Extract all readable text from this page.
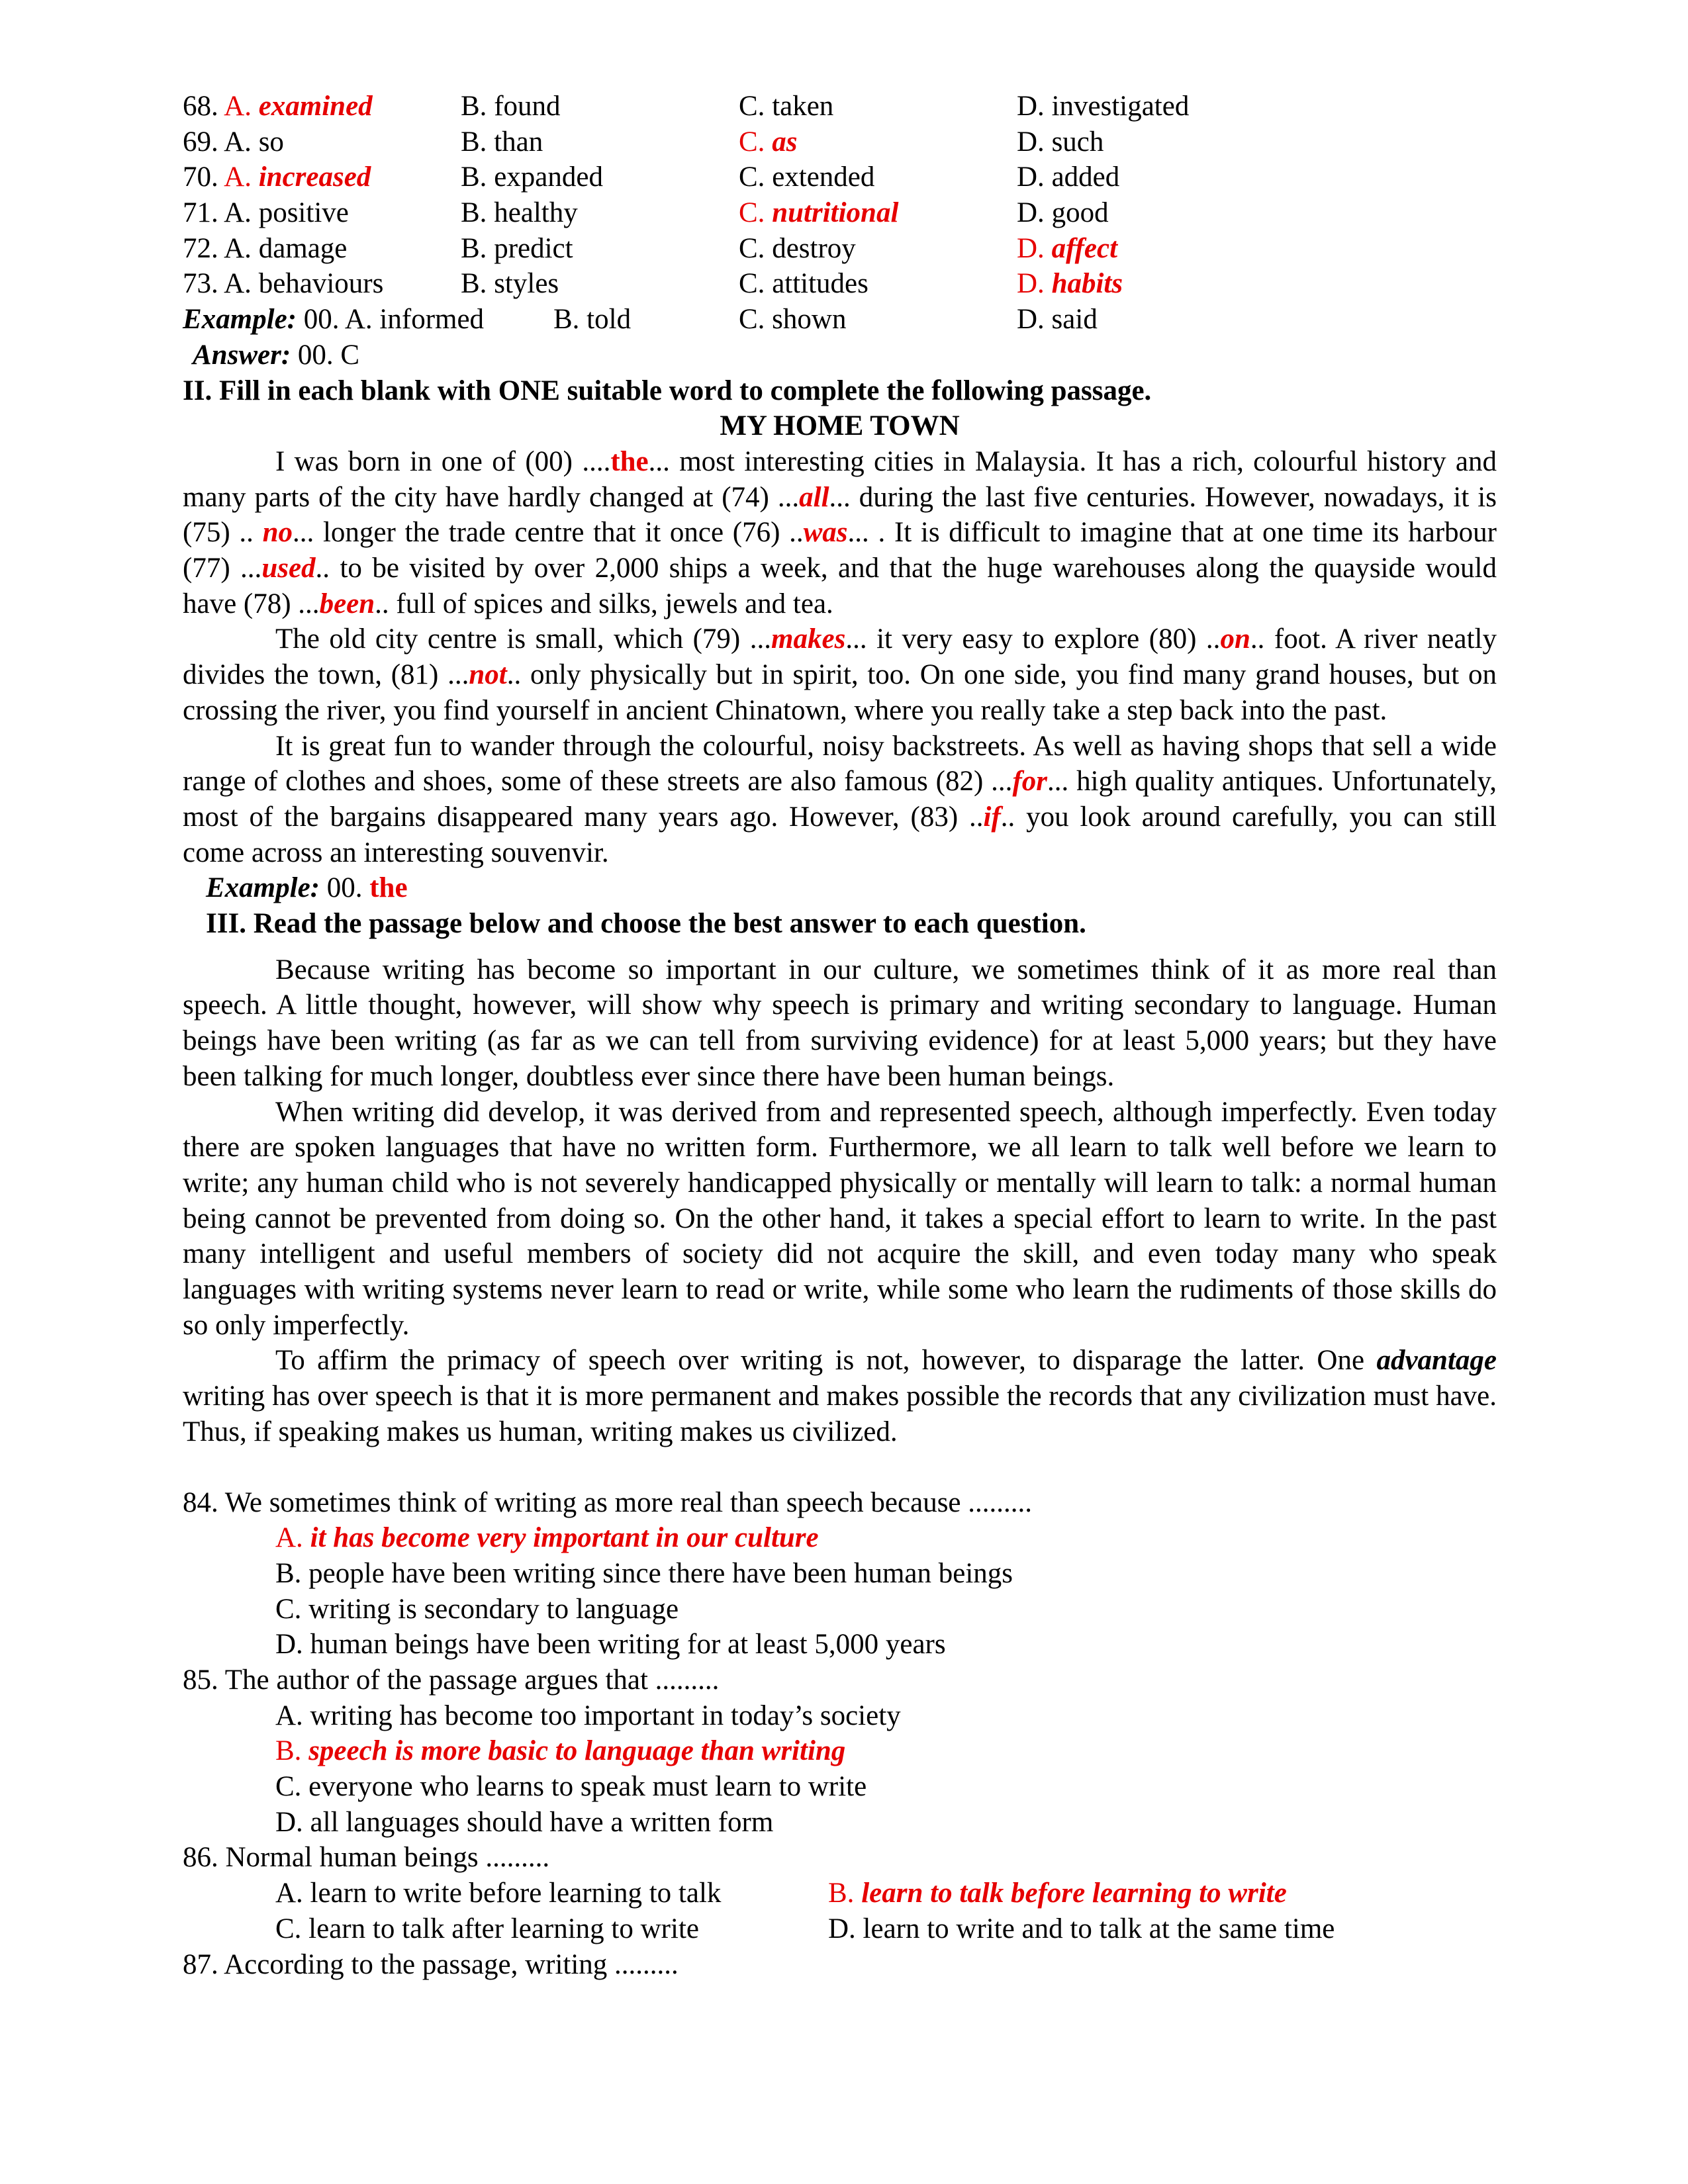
68. A. examined	B. found	C. taken	D. investigated
69. A. so	B. than	C. as	D. such
70. A. increased	B. expanded	C. extended	D. added
71. A. positive	B. healthy	C. nutritional	D. good
72. A. damage	B. predict	C. destroy	D. affect
73. A. behaviours	B. styles	C. attitudes	D. habits
Example: 00. A. informed	B. told	C. shown	D. said
Answer:
00. C
II. Fill in each blank with ONE suitable word to complete the following passage.
MY HOME TOWN

I was born in one of (00) ....the... most interesting cities in Malaysia. It has a rich, colourful history and many parts of the city have hardly changed at (74) ...all... during the last five centuries. However, nowadays, it is (75) .. no... longer the trade centre that it once (76) ..was... . It is difficult to imagine that at one time its harbour (77) ...used.. to be visited by over 2,000 ships a week, and that the huge warehouses along the quayside would have (78) ...been.. full of spices and silks, jewels and tea.

The old city centre is small, which (79) ...makes... it very easy to explore (80) ..on.. foot. A river neatly divides the town, (81) ...not.. only physically but in spirit, too. On one side, you find many grand houses, but on crossing the river, you find yourself in ancient Chinatown, where you really take a step back into the past.

It is great fun to wander through the colourful, noisy backstreets. As well as having shops that sell a wide range of clothes and shoes, some of these streets are also famous (82) ...for... high quality antiques. Unfortunately, most of the bargains disappeared many years ago. However, (83) ..if.. you look around carefully, you can still come across an interesting souvenvir.

Example: 00. the
III. Read the passage below and choose the best answer to each question.

Because writing has become so important in our culture, we sometimes think of it as more real than speech. A little thought, however, will show why speech is primary and writing secondary to language. Human beings have been writing (as far as we can tell from surviving evidence) for at least 5,000 years; but they have been talking for much longer, doubtless ever since there have been human beings.

When writing did develop, it was derived from and represented speech, although imperfectly. Even today there are spoken languages that have no written form. Furthermore, we all learn to talk well before we learn to write; any human child who is not severely handicapped physically or mentally will learn to talk: a normal human being cannot be prevented from doing so. On the other hand, it takes a special effort to learn to write. In the past many intelligent and useful members of society did not acquire the skill, and even today many who speak languages with writing systems never learn to read or write, while some who learn the rudiments of those skills do so only imperfectly.

To affirm the primacy of speech over writing is not, however, to disparage the latter. One advantage writing has over speech is that it is more permanent and makes possible the records that any civilization must have. Thus, if speaking makes us human, writing makes us civilized.

84. We sometimes think of writing as more real than speech because .........
A. it has become very important in our culture
B. people have been writing since there have been human beings
C. writing is secondary to language
D. human beings have been writing for at least 5,000 years
85. The author of the passage argues that .........
A. writing has become too important in today’s society
B. speech is more basic to language than writing
C. everyone who learns to speak must learn to write
D. all languages should have a written form
86. Normal human beings .........
A. learn to write before learning to talk	B. learn to talk before learning to write
C. learn to talk after learning to write	D. learn to write and to talk at the same time
87. According to the passage, writing .........
